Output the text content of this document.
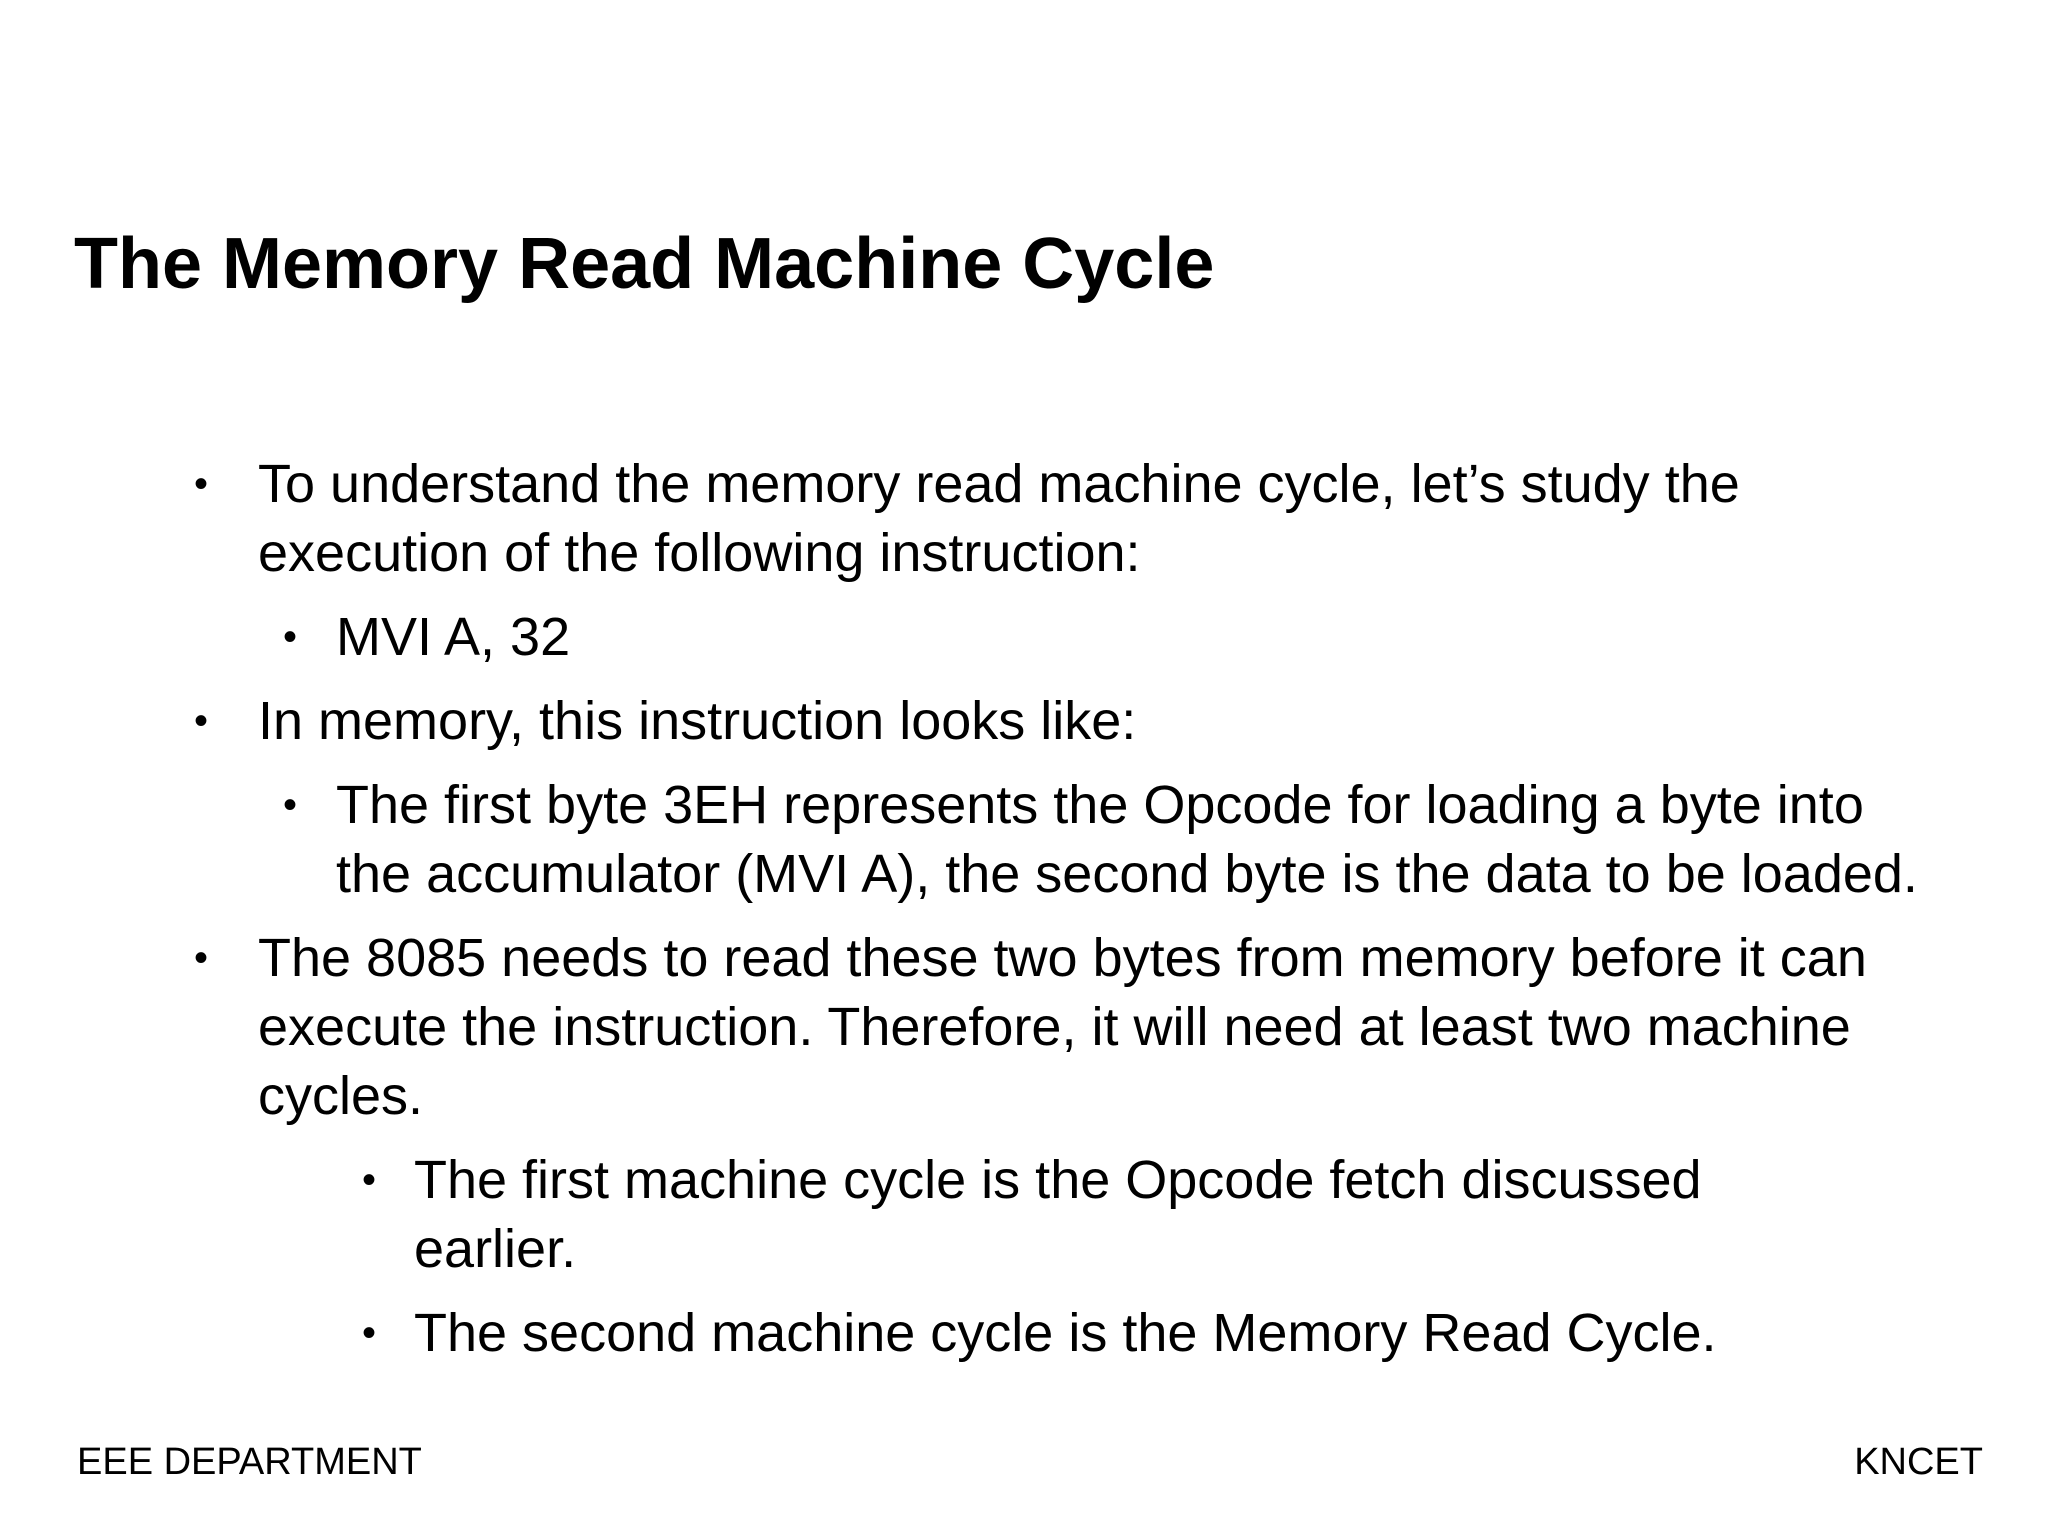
The Memory Read Machine Cycle
• To understand the memory read machine cycle, let’s study the execution of the following instruction:
• MVI A, 32
• In memory, this instruction looks like:
• The first byte 3EH represents the Opcode for loading a byte into the accumulator (MVI A), the second byte is the data to be loaded.
• The 8085 needs to read these two bytes from memory before it can execute the instruction. Therefore, it will need at least two machine cycles.
• The first machine cycle is the Opcode fetch discussed earlier.
• The second machine cycle is the Memory Read Cycle.
EEE DEPARTMENT	KNCET
